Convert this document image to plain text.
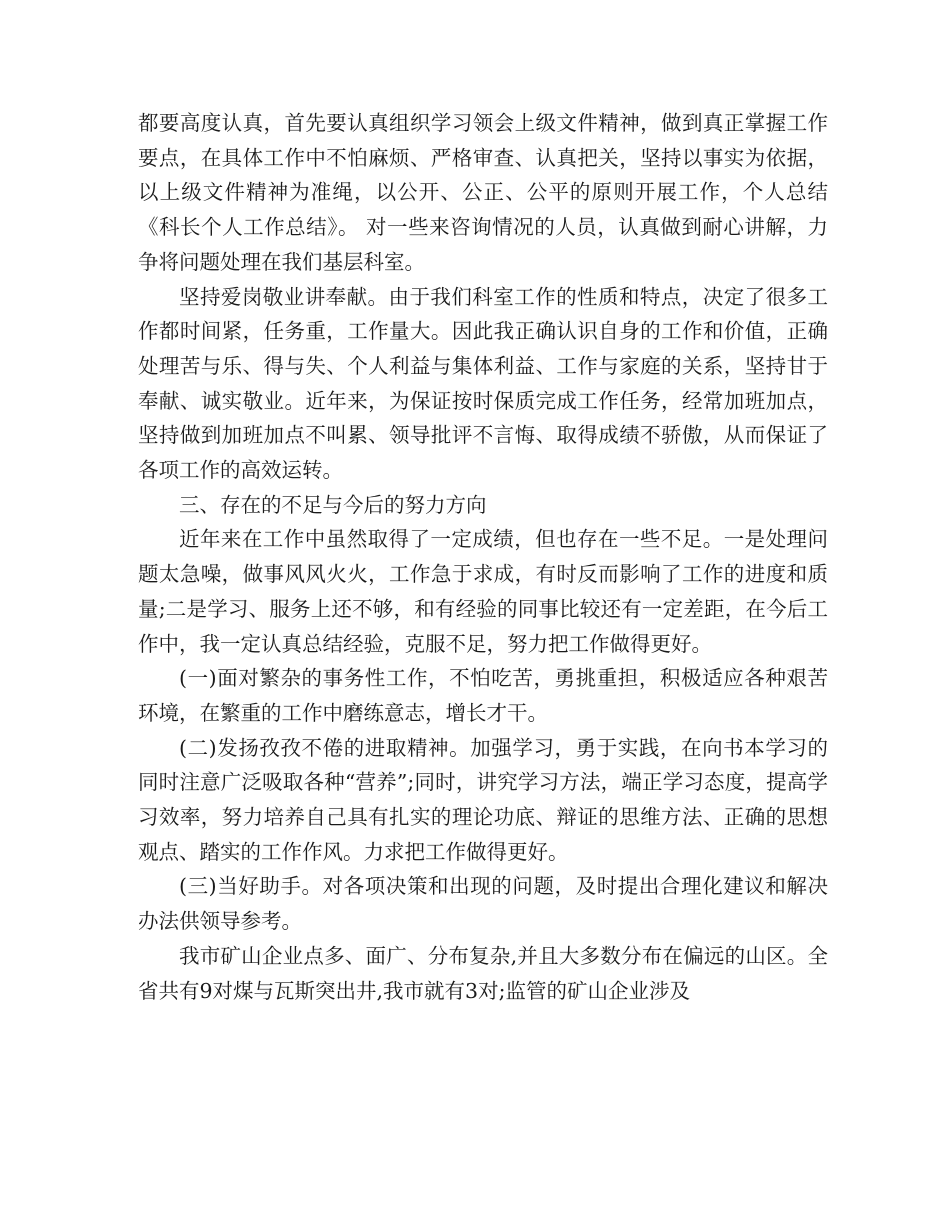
都要高度认真，首先要认真组织学习领会上级文件精神，做到真正掌握工作要点，在具体工作中不怕麻烦、严格审查、认真把关，坚持以事实为依据，以上级文件精神为准绳，以公开、公正、公平的原则开展工作，个人总结《科长个人工作总结》。 对一些来咨询情况的人员，认真做到耐心讲解，力争将问题处理在我们基层科室。

坚持爱岗敬业讲奉献。由于我们科室工作的性质和特点，决定了很多工作都时间紧，任务重，工作量大。因此我正确认识自身的工作和价值，正确处理苦与乐、得与失、个人利益与集体利益、工作与家庭的关系，坚持甘于奉献、诚实敬业。近年来，为保证按时保质完成工作任务，经常加班加点，坚持做到加班加点不叫累、领导批评不言悔、取得成绩不骄傲，从而保证了各项工作的高效运转。

三、存在的不足与今后的努力方向

近年来在工作中虽然取得了一定成绩，但也存在一些不足。一是处理问题太急噪，做事风风火火，工作急于求成，有时反而影响了工作的进度和质量;二是学习、服务上还不够，和有经验的同事比较还有一定差距，在今后工作中，我一定认真总结经验，克服不足，努力把工作做得更好。

(一)面对繁杂的事务性工作，不怕吃苦，勇挑重担，积极适应各种艰苦环境，在繁重的工作中磨练意志，增长才干。

(二)发扬孜孜不倦的进取精神。加强学习，勇于实践，在向书本学习的同时注意广泛吸取各种“营养”;同时，讲究学习方法，端正学习态度，提高学习效率，努力培养自己具有扎实的理论功底、辩证的思维方法、正确的思想观点、踏实的工作作风。力求把工作做得更好。

(三)当好助手。对各项决策和出现的问题，及时提出合理化建议和解决办法供领导参考。

我市矿山企业点多、面广、分布复杂,并且大多数分布在偏远的山区。全省共有9对煤与瓦斯突出井,我市就有3对;监管的矿山企业涉及
